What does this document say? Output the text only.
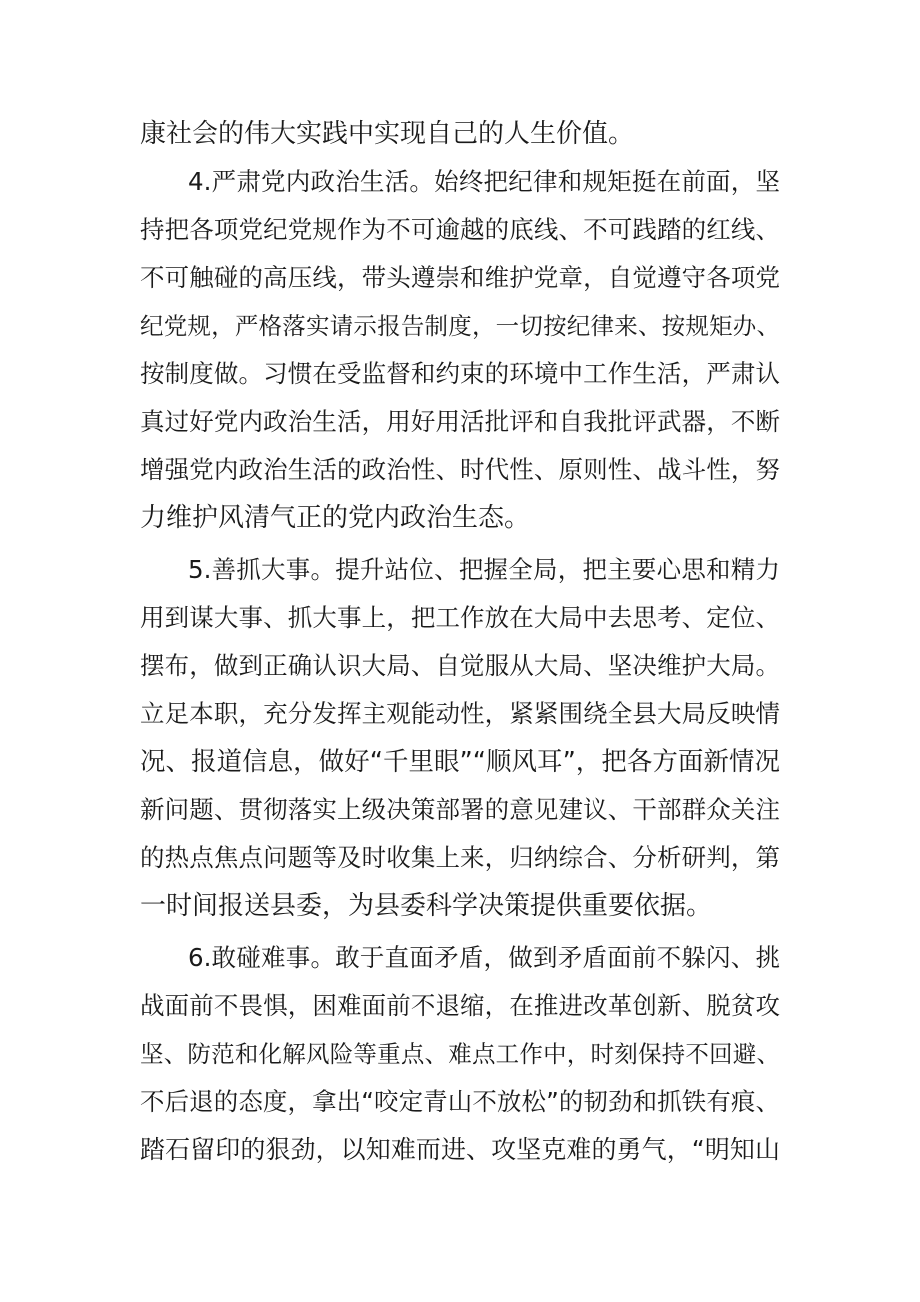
康社会的伟大实践中实现自己的人生价值。
4.严肃党内政治生活。始终把纪律和规矩挺在前面，坚
持把各项党纪党规作为不可逾越的底线、不可践踏的红线、
不可触碰的高压线，带头遵崇和维护党章，自觉遵守各项党
纪党规，严格落实请示报告制度，一切按纪律来、按规矩办、
按制度做。习惯在受监督和约束的环境中工作生活，严肃认
真过好党内政治生活，用好用活批评和自我批评武器，不断
增强党内政治生活的政治性、时代性、原则性、战斗性，努
力维护风清气正的党内政治生态。
5.善抓大事。提升站位、把握全局，把主要心思和精力
用到谋大事、抓大事上，把工作放在大局中去思考、定位、
摆布，做到正确认识大局、自觉服从大局、坚决维护大局。
立足本职，充分发挥主观能动性，紧紧围绕全县大局反映情
况、报道信息，做好“千里眼”“顺风耳”，把各方面新情况
新问题、贯彻落实上级决策部署的意见建议、干部群众关注
的热点焦点问题等及时收集上来，归纳综合、分析研判，第
一时间报送县委，为县委科学决策提供重要依据。
6.敢碰难事。敢于直面矛盾，做到矛盾面前不躲闪、挑
战面前不畏惧，困难面前不退缩，在推进改革创新、脱贫攻
坚、防范和化解风险等重点、难点工作中，时刻保持不回避、
不后退的态度，拿出“咬定青山不放松”的韧劲和抓铁有痕、
踏石留印的狠劲，以知难而进、攻坚克难的勇气，“明知山
